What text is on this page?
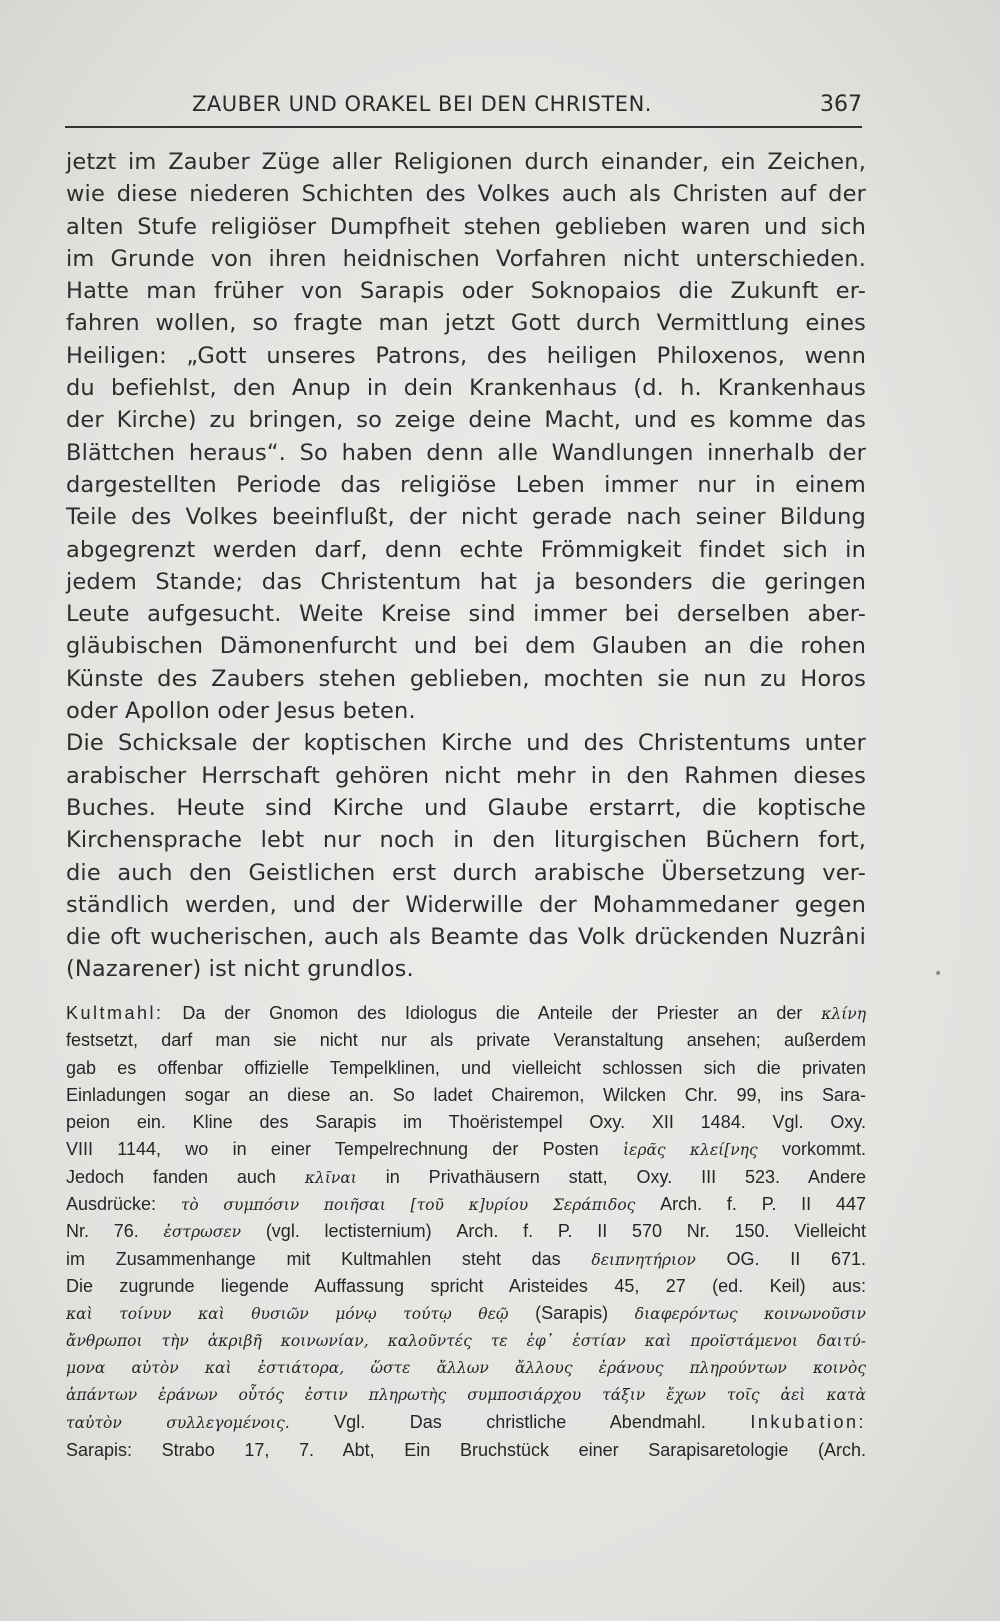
ZAUBER UND ORAKEL BEI DEN CHRISTEN.	367
jetzt im Zauber Züge aller Religionen durch einander, ein Zeichen,
wie diese niederen Schichten des Volkes auch als Christen auf der
alten Stufe religiöser Dumpfheit stehen geblieben waren und sich
im Grunde von ihren heidnischen Vorfahren nicht unterschieden.
Hatte man früher von Sarapis oder Soknopaios die Zukunft er-
fahren wollen, so fragte man jetzt Gott durch Vermittlung eines
Heiligen: „Gott unseres Patrons, des heiligen Philoxenos, wenn
du befiehlst, den Anup in dein Krankenhaus (d. h. Krankenhaus
der Kirche) zu bringen, so zeige deine Macht, und es komme das
Blättchen heraus“. So haben denn alle Wandlungen innerhalb der
dargestellten Periode das religiöse Leben immer nur in einem
Teile des Volkes beeinflußt, der nicht gerade nach seiner Bildung
abgegrenzt werden darf, denn echte Frömmigkeit findet sich in
jedem Stande; das Christentum hat ja besonders die geringen
Leute aufgesucht. Weite Kreise sind immer bei derselben aber-
gläubischen Dämonenfurcht und bei dem Glauben an die rohen
Künste des Zaubers stehen geblieben, mochten sie nun zu Horos
oder Apollon oder Jesus beten.
Die Schicksale der koptischen Kirche und des Christentums unter
arabischer Herrschaft gehören nicht mehr in den Rahmen dieses
Buches. Heute sind Kirche und Glaube erstarrt, die koptische
Kirchensprache lebt nur noch in den liturgischen Büchern fort,
die auch den Geistlichen erst durch arabische Übersetzung ver-
ständlich werden, und der Widerwille der Mohammedaner gegen
die oft wucherischen, auch als Beamte das Volk drückenden Nuzrâni
(Nazarener) ist nicht grundlos.
Kultmahl: Da der Gnomon des Idiologus die Anteile der Priester an der κλίνη
festsetzt, darf man sie nicht nur als private Veranstaltung ansehen; außerdem
gab es offenbar offizielle Tempelklinen, und vielleicht schlossen sich die privaten
Einladungen sogar an diese an. So ladet Chairemon, Wilcken Chr. 99, ins Sara-
peion ein. Kline des Sarapis im Thoëristempel Oxy. XII 1484. Vgl. Oxy.
VIII 1144, wo in einer Tempelrechnung der Posten ἱερᾶς κλεί[νης vorkommt.
Jedoch fanden auch κλῖναι in Privathäusern statt, Oxy. III 523. Andere
Ausdrücke: τὸ συμπόσιν ποιῆσαι [τοῦ κ]υρίου Σεράπιδος Arch. f. P. II 447
Nr. 76. ἐστρωσεν (vgl. lectisternium) Arch. f. P. II 570 Nr. 150. Vielleicht
im Zusammenhange mit Kultmahlen steht das δειπνητήριον OG. II 671.
Die zugrunde liegende Auffassung spricht Aristeides 45, 27 (ed. Keil) aus:
καὶ τοίνυν καὶ θυσιῶν μόνῳ τούτῳ θεῷ (Sarapis) διαφερόντως κοινωνοῦσιν
ἄνθρωποι τὴν ἀκριβῆ κοινωνίαν, καλοῦντές τε ἐφ᾽ ἑστίαν καὶ προϊστάμενοι δαιτύ-
μονα αὐτὸν καὶ ἑστιάτορα, ὥστε ἄλλων ἄλλους ἐράνους πληρούντων κοινὸς
ἁπάντων ἐράνων οὗτός ἐστιν πληρωτὴς συμποσιάρχου τάξιν ἔχων τοῖς ἀεὶ κατὰ
ταὐτὸν συλλεγομένοις. Vgl. Das christliche Abendmahl. Inkubation:
Sarapis: Strabo 17, 7. Abt, Ein Bruchstück einer Sarapisaretologie (Arch.
•
